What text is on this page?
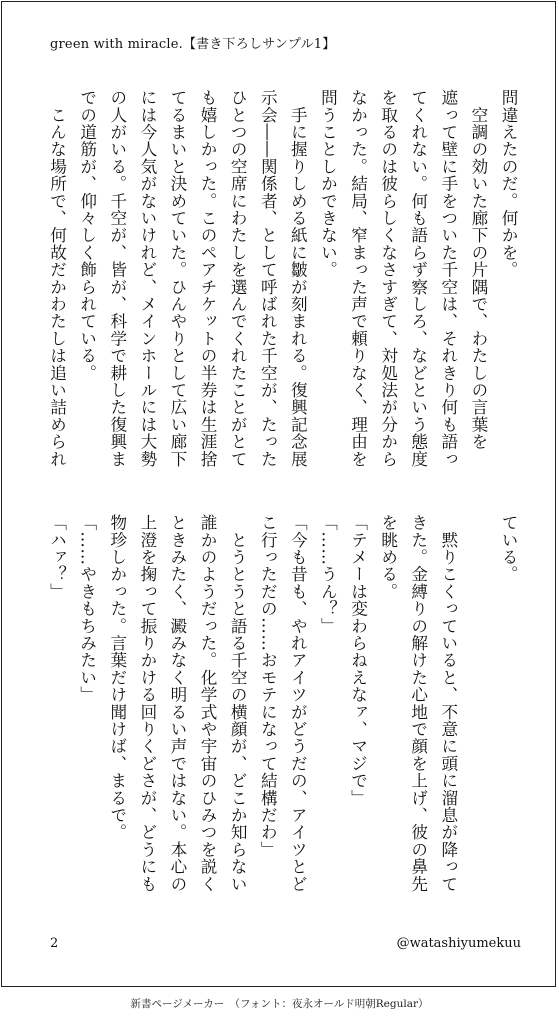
green with miracle.【書き下ろしサンプル1】
問違えたのだ。何かを。
　空調の効いた廊下の片隅で、わたしの言葉を
遮って壁に手をついた千空は、それきり何も語っ
てくれない。何も語らず察しろ、などという態度
を取るのは彼らしくなさすぎて、対処法が分から
なかった。結局、窄まった声で頼りなく、理由を
問うことしかできない。
　手に握りしめる紙に皺が刻まれる。復興記念展
示会――関係者、として呼ばれた千空が、たった
ひとつの空席にわたしを選んでくれたことがとて
も嬉しかった。このペアチケットの半券は生涯捨
てるまいと決めていた。ひんやりとして広い廊下
には今人気がないけれど、メインホールには大勢
の人がいる。千空が、皆が、科学で耕した復興ま
での道筋が、仰々しく飾られている。
　こんな場所で、何故だかわたしは追い詰められ
ている。

　黙りこくっていると、不意に頭に溜息が降って
きた。金縛りの解けた心地で顔を上げ、彼の鼻先
を眺める。
「テメーは変わらねえなァ、マジで」
「……うん？」
「今も昔も、やれアイツがどうだの、アイツとど
こ行っただの……おモテになって結構だわ」
　とうとうと語る千空の横顔が、どこか知らない
誰かのようだった。化学式や宇宙のひみつを説く
ときみたく、澱みなく明るい声ではない。本心の
上澄を掬って振りかける回りくどさが、どうにも
物珍しかった。言葉だけ聞けば、まるで。
「……やきもちみたい」
「ハァ？」
2	@watashiyumekuu
新書ページメーカー　（フォント：夜永オールド明朝Regular）
